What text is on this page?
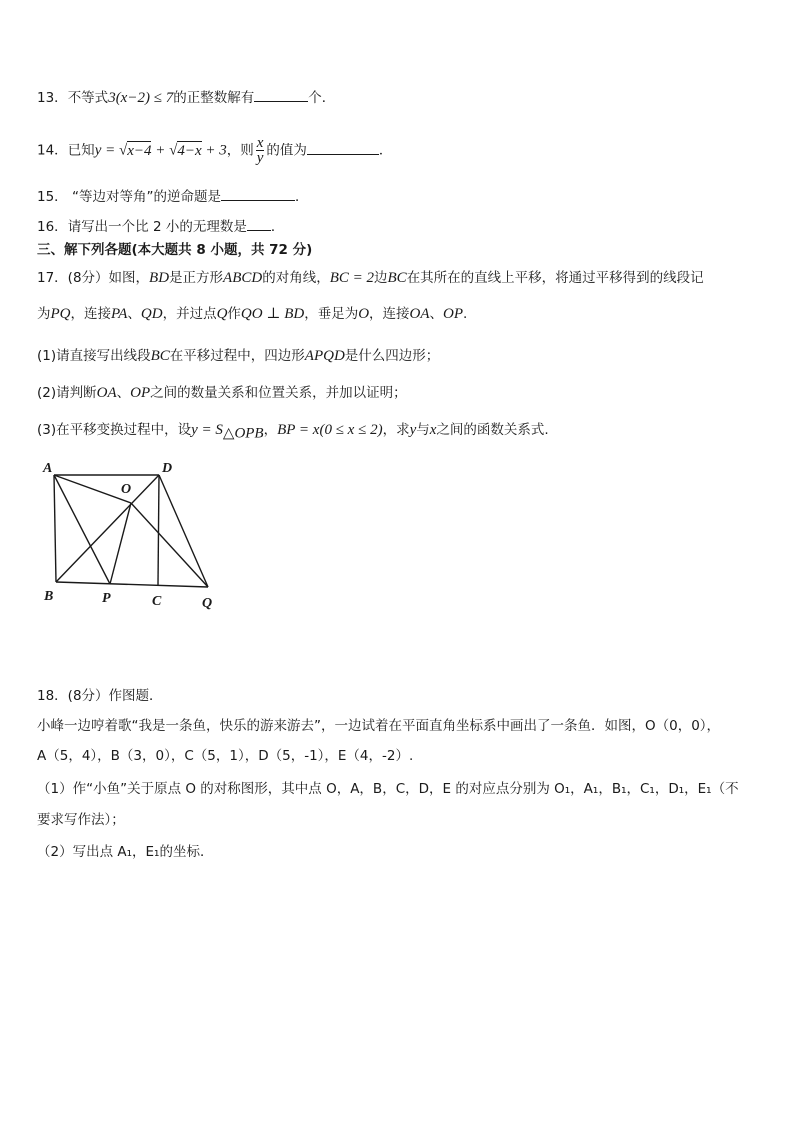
13．不等式3(x−2) ≤ 7的正整数解有	个．
14．已知y = √x−4 + √4−x + 3，则 $\frac{x}{y}$ 的值为	．
15． “等边对等角”的逆命题是	．
16．请写出一个比 2 小的无理数是 ．
三、解下列各题(本大题共 8 小题，共 72 分)
17．(8分）如图，BD是正方形ABCD的对角线，BC = 2边BC在其所在的直线上平移，将通过平移得到的线段记
为PQ，连接PA、QD，并过点Q作QO ⊥ BD，垂足为O，连接OA、OP.
(1)请直接写出线段BC在平移过程中，四边形APQD是什么四边形；
(2)请判断OA、OP之间的数量关系和位置关系，并加以证明；
(3)在平移变换过程中，设$y = S_{\triangle OPB}$，BP = x(0 ≤ x ≤ 2)，求y与x之间的函数关系式.
A	D
O
B	P	C	Q
18．(8分）作图题．
小峰一边哼着歌“我是一条鱼，快乐的游来游去”，一边试着在平面直角坐标系中画出了一条鱼．如图，O（0，0），
A（5，4），B（3，0），C（5，1），D（5，-1），E（4，-2）.
（1）作“小鱼”关于原点 O 的对称图形，其中点 O，A，B，C，D，E 的对应点分别为 O₁，A₁，B₁，C₁，D₁，E₁（不
要求写作法）；
（2）写出点 A₁，E₁的坐标．
